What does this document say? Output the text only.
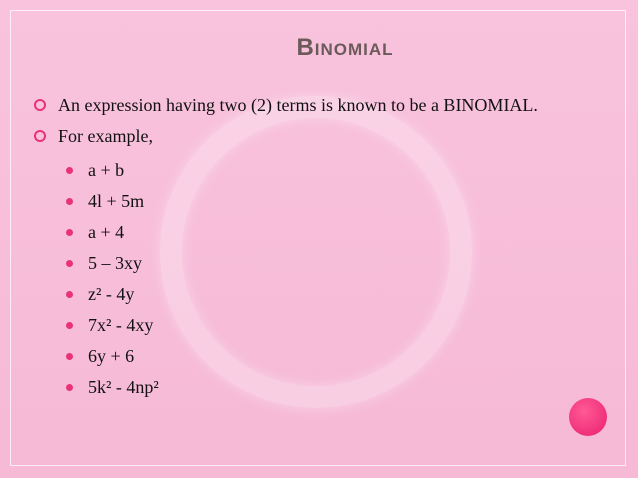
Binomial
An expression having two (2) terms is known to be a BINOMIAL.
For example,
a + b
4l + 5m
a + 4
5 – 3xy
z² - 4y
7x² - 4xy
6y + 6
5k² - 4np²
